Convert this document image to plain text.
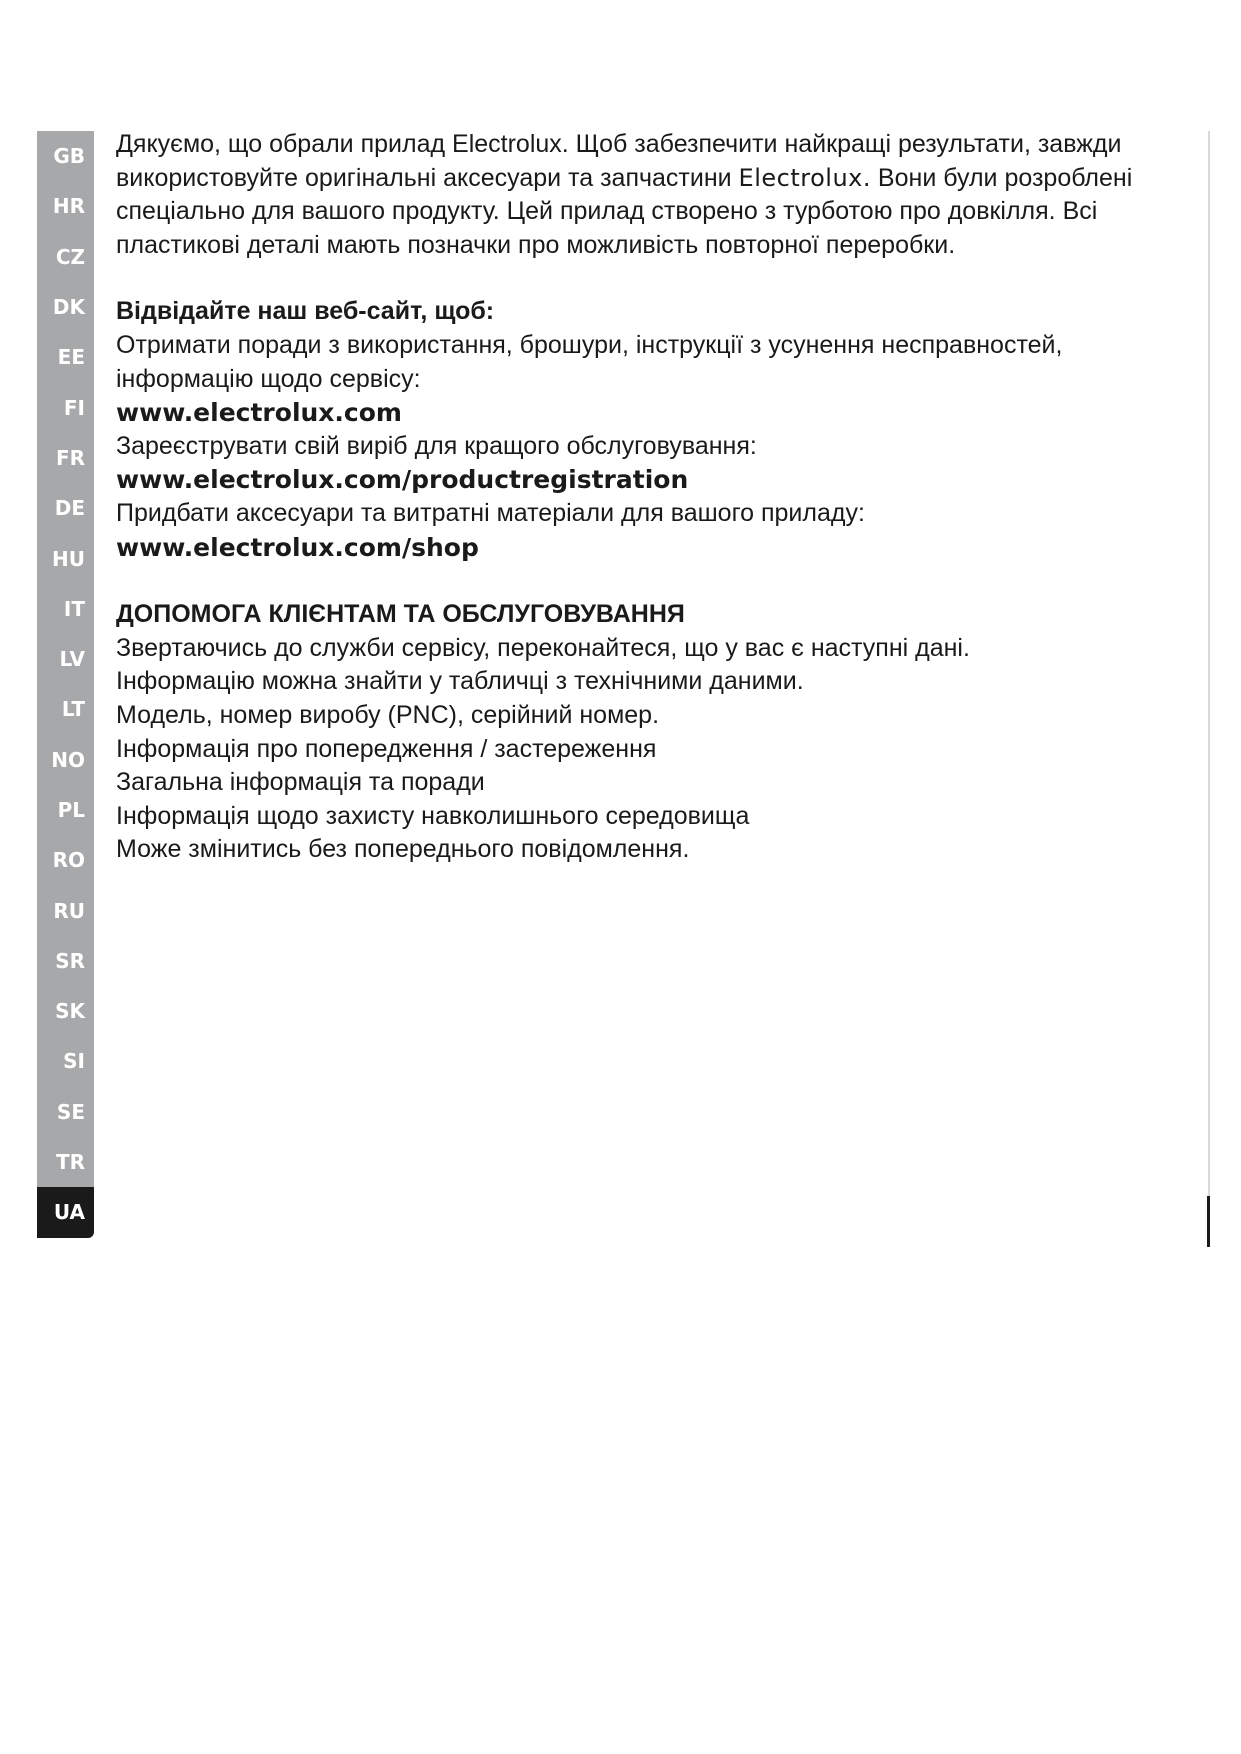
GB
HR
CZ
DK
EE
FI
FR
DE
HU
IT
LV
LT
NO
PL
RO
RU
SR
SK
SI
SE
TR
UA

Дякуємо, що обрали прилад Electrolux. Щоб забезпечити найкращі результати, завжди використовуйте оригінальні аксесуари та запчастини Electrolux. Вони були розроблені спеціально для вашого продукту. Цей прилад створено з турботою про довкілля. Всі пластикові деталі мають позначки про можливість повторної переробки.

Відвідайте наш веб-сайт, щоб:

Отримати поради з використання, брошури, інструкції з усунення несправностей, інформацію щодо сервісу:

www.electrolux.com

Зареєструвати свій виріб для кращого обслуговування:

www.electrolux.com/productregistration

Придбати аксесуари та витратні матеріали для вашого приладу:

www.electrolux.com/shop

ДОПОМОГА КЛІЄНТАМ ТА ОБСЛУГОВУВАННЯ

Звертаючись до служби сервісу, переконайтеся, що у вас є наступні дані.

Інформацію можна знайти у табличці з технічними даними.

Модель, номер виробу (PNC), серійний номер.

Інформація про попередження / застереження

Загальна інформація та поради

Інформація щодо захисту навколишнього середовища

Може змінитись без попереднього повідомлення.
